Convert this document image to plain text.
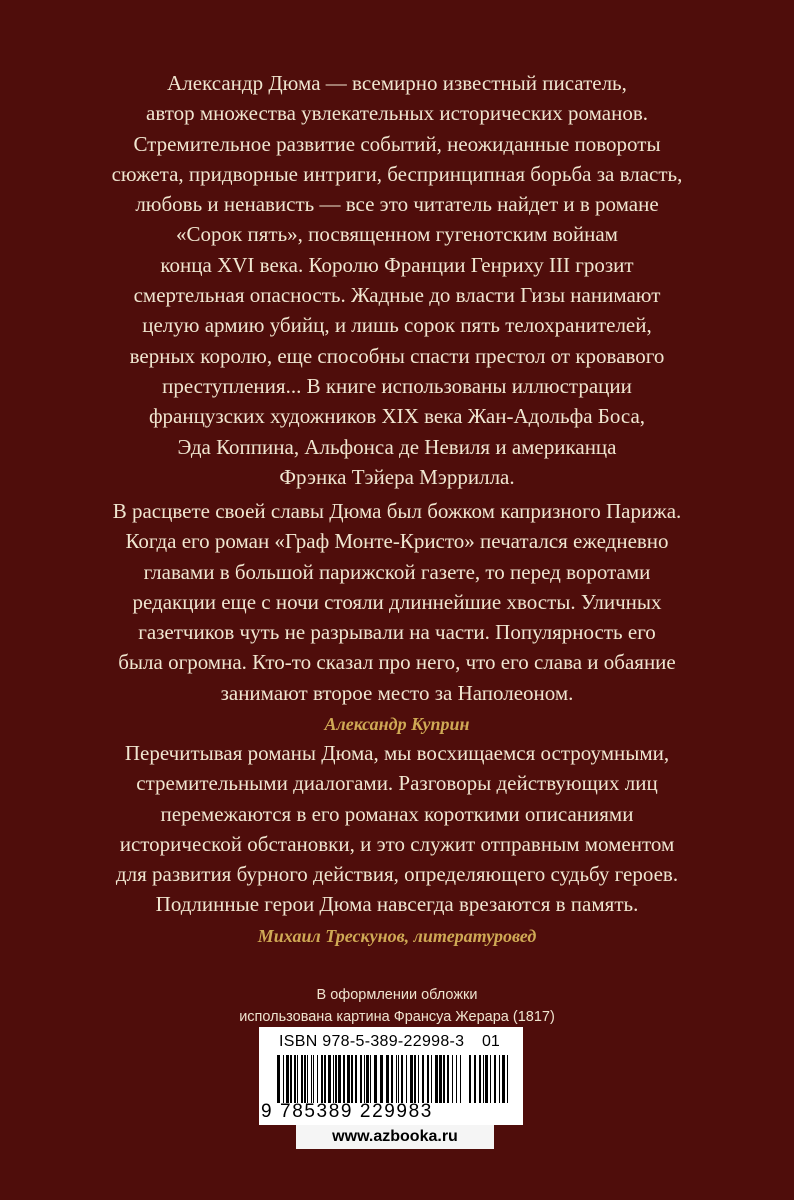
Александр Дюма — всемирно известный писатель,
автор множества увлекательных исторических романов.
Стремительное развитие событий, неожиданные повороты
сюжета, придворные интриги, беспринципная борьба за власть,
любовь и ненависть — все это читатель найдет и в романе
«Сорок пять», посвященном гугенотским войнам
конца XVI века. Королю Франции Генриху III грозит
смертельная опасность. Жадные до власти Гизы нанимают
целую армию убийц, и лишь сорок пять телохранителей,
верных королю, еще способны спасти престол от кровавого
преступления... В книге использованы иллюстрации
французских художников XIX века Жан-Адольфа Боса,
Эда Коппина, Альфонса де Невиля и американца
Фрэнка Тэйера Мэррилла.
В расцвете своей славы Дюма был божком капризного Парижа.
Когда его роман «Граф Монте-Кристо» печатался ежедневно
главами в большой парижской газете, то перед воротами
редакции еще с ночи стояли длиннейшие хвосты. Уличных
газетчиков чуть не разрывали на части. Популярность его
была огромна. Кто-то сказал про него, что его слава и обаяние
занимают второе место за Наполеоном.
Александр Куприн
Перечитывая романы Дюма, мы восхищаемся остроумными,
стремительными диалогами. Разговоры действующих лиц
перемежаются в его романах короткими описаниями
исторической обстановки, и это служит отправным моментом
для развития бурного действия, определяющего судьбу героев.
Подлинные герои Дюма навсегда врезаются в память.
Михаил Трескунов, литературовед
В оформлении обложки
использована картина Франсуа Жерара (1817)
ISBN 978-5-389-22998-3 01
9 785389 229983
www.azbooka.ru
